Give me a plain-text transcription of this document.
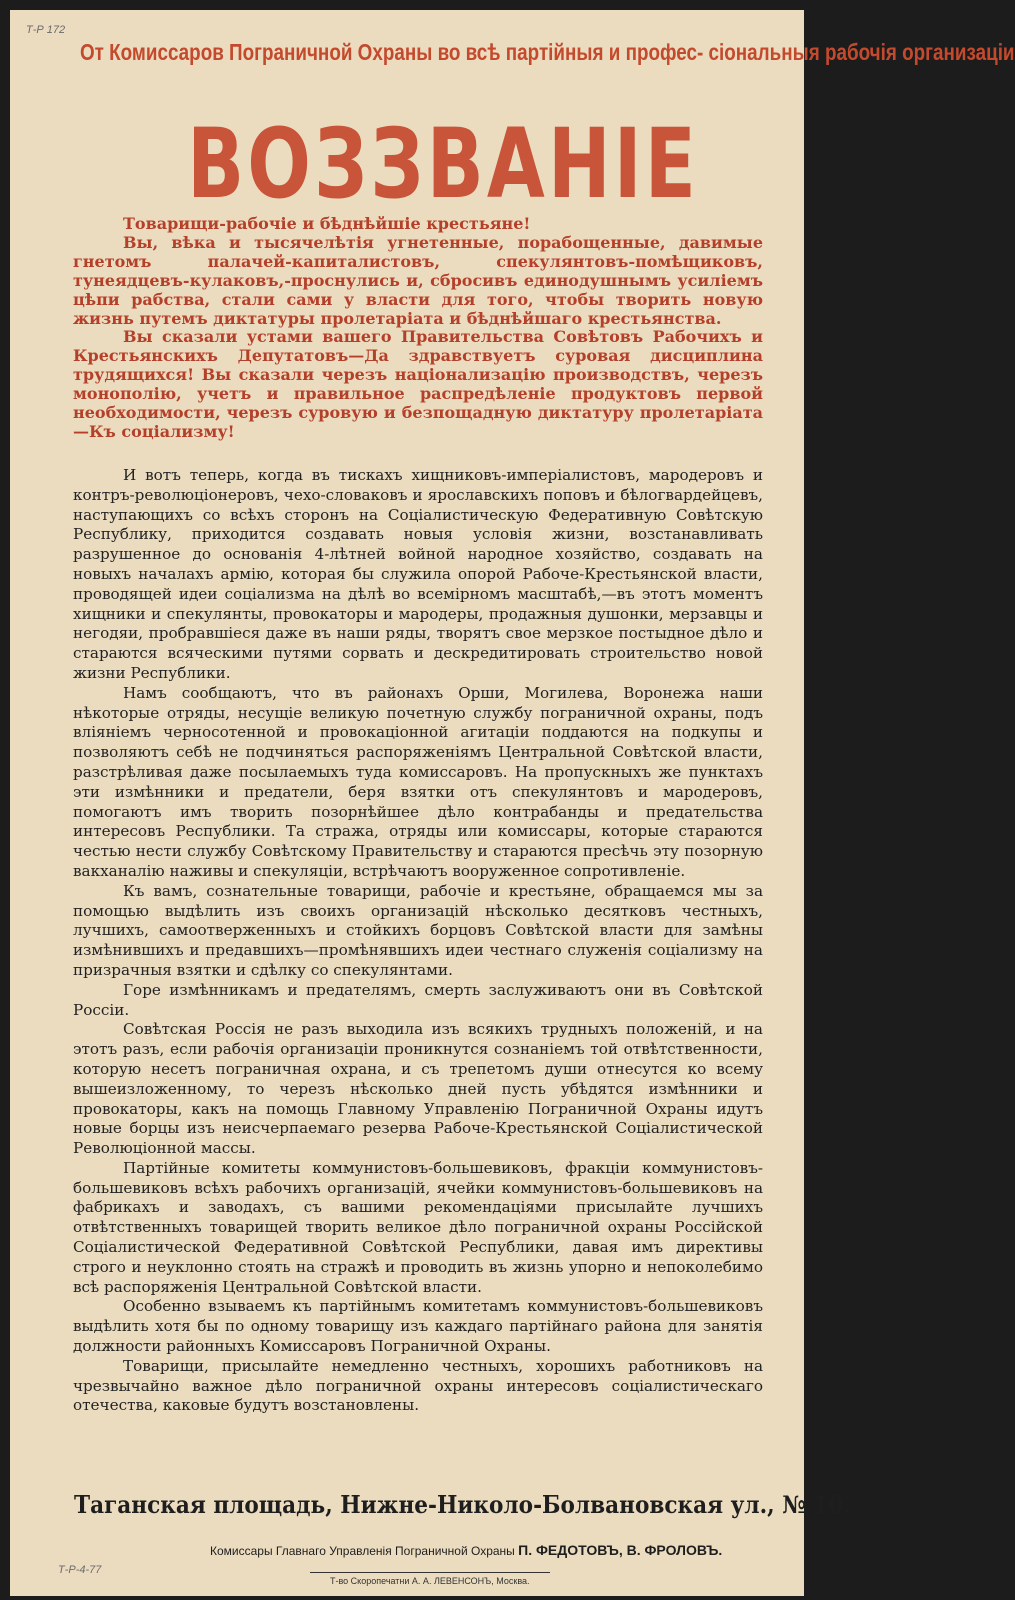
Т-Р 172
Т-Р-4-77
От Комиссаров Пограничной Охраны во всѣ партійныя и профес- сіональныя рабочія организаціи
ВОЗЗВАНІЕ

Товарищи-рабочіе и бѣднѣйшіе крестьяне!

Вы, вѣка и тысячелѣтія угнетенные, порабощенные, давимые гнетомъ палачей-капиталистовъ, спекулянтовъ-помѣщиковъ, тунеядцевъ-кулаковъ,-проснулись и, сбросивъ единодушнымъ усиліемъ цѣпи рабства, стали сами у власти для того, чтобы творить новую жизнь путемъ диктатуры пролетаріата и бѣднѣйшаго крестьянства.

Вы сказали устами вашего Правительства Совѣтовъ Рабочихъ и Крестьянскихъ Депутатовъ—Да здравствуетъ суровая дисциплина трудящихся! Вы сказали черезъ націонализацію производствъ, черезъ монополію, учетъ и правильное распредѣленіе продуктовъ первой необходимости, черезъ суровую и безпощадную диктатуру пролетаріата—Къ соціализму!

И вотъ теперь, когда въ тискахъ хищниковъ-имперіалистовъ, мародеровъ и контръ-революціонеровъ, чехо-словаковъ и ярославскихъ поповъ и бѣлогвардейцевъ, наступающихъ со всѣхъ сторонъ на Соціалистическую Федеративную Совѣтскую Республику, приходится создавать новыя условія жизни, возстанавливать разрушенное до основанія 4-лѣтней войной народное хозяйство, создавать на новыхъ началахъ армію, которая бы служила опорой Рабоче-Крестьянской власти, проводящей идеи соціализма на дѣлѣ во всемірномъ масштабѣ,—въ этотъ моментъ хищники и спекулянты, провокаторы и мародеры, продажныя душонки, мерзавцы и негодяи, пробравшіеся даже въ наши ряды, творятъ свое мерзкое постыдное дѣло и стараются всяческими путями сорвать и дескредитировать строительство новой жизни Республики.

Намъ сообщаютъ, что въ районахъ Орши, Могилева, Воронежа наши нѣкоторые отряды, несущіе великую почетную службу пограничной охраны, подъ вліяніемъ черносотенной и провокаціонной агитаціи поддаются на подкупы и позволяютъ себѣ не подчиняться распоряженіямъ Центральной Совѣтской власти, разстрѣливая даже посылаемыхъ туда комиссаровъ. На пропускныхъ же пунктахъ эти измѣнники и предатели, беря взятки отъ спекулянтовъ и мародеровъ, помогаютъ имъ творить позорнѣйшее дѣло контрабанды и предательства интересовъ Республики. Та стража, отряды или комиссары, которые стараются честью нести службу Совѣтскому Правительству и стараются пресѣчь эту позорную вакханалію наживы и спекуляціи, встрѣчаютъ вооруженное сопротивленіе.

Къ вамъ, сознательные товарищи, рабочіе и крестьяне, обращаемся мы за помощью выдѣлить изъ своихъ организацій нѣсколько десятковъ честныхъ, лучшихъ, самоотверженныхъ и стойкихъ борцовъ Совѣтской власти для замѣны измѣнившихъ и предавшихъ—промѣнявшихъ идеи честнаго служенія соціализму на призрачныя взятки и сдѣлку со спекулянтами.

Горе измѣнникамъ и предателямъ, смерть заслуживаютъ они въ Совѣтской Россіи.

Совѣтская Россія не разъ выходила изъ всякихъ трудныхъ положеній, и на этотъ разъ, если рабочія организаціи проникнутся сознаніемъ той отвѣтственности, которую несетъ пограничная охрана, и съ трепетомъ души отнесутся ко всему вышеизложенному, то черезъ нѣсколько дней пусть убѣдятся измѣнники и провокаторы, какъ на помощь Главному Управленію Пограничной Охраны идутъ новые борцы изъ неисчерпаемаго резерва Рабоче-Крестьянской Соціалистической Революціонной массы.

Партійные комитеты коммунистовъ-большевиковъ, фракціи коммунистовъ-большевиковъ всѣхъ рабочихъ организацій, ячейки коммунистовъ-большевиковъ на фабрикахъ и заводахъ, съ вашими рекомендаціями присылайте лучшихъ отвѣтственныхъ товарищей творить великое дѣло пограничной охраны Россійской Соціалистической Федеративной Совѣтской Республики, давая имъ директивы строго и неуклонно стоять на стражѣ и проводить въ жизнь упорно и непоколебимо всѣ распоряженія Центральной Совѣтской власти.

Особенно взываемъ къ партійнымъ комитетамъ коммунистовъ-большевиковъ выдѣлить хотя бы по одному товарищу изъ каждаго партійнаго района для занятія должности районныхъ Комиссаровъ Пограничной Охраны.

Товарищи, присылайте немедленно честныхъ, хорошихъ работниковъ на чрезвычайно важное дѣло пограничной охраны интересовъ соціалистическаго отечества, каковые будутъ возстановлены.

Таганская площадь, Нижне-Николо-Болвановская ул., № 10.
Комиссары Главнаго Управленія Пограничной Охраны П. ФЕДОТОВЪ, В. ФРОЛОВЪ.
Т-во Скоропечатни А. А. ЛЕВЕНСОНЪ, Москва.
